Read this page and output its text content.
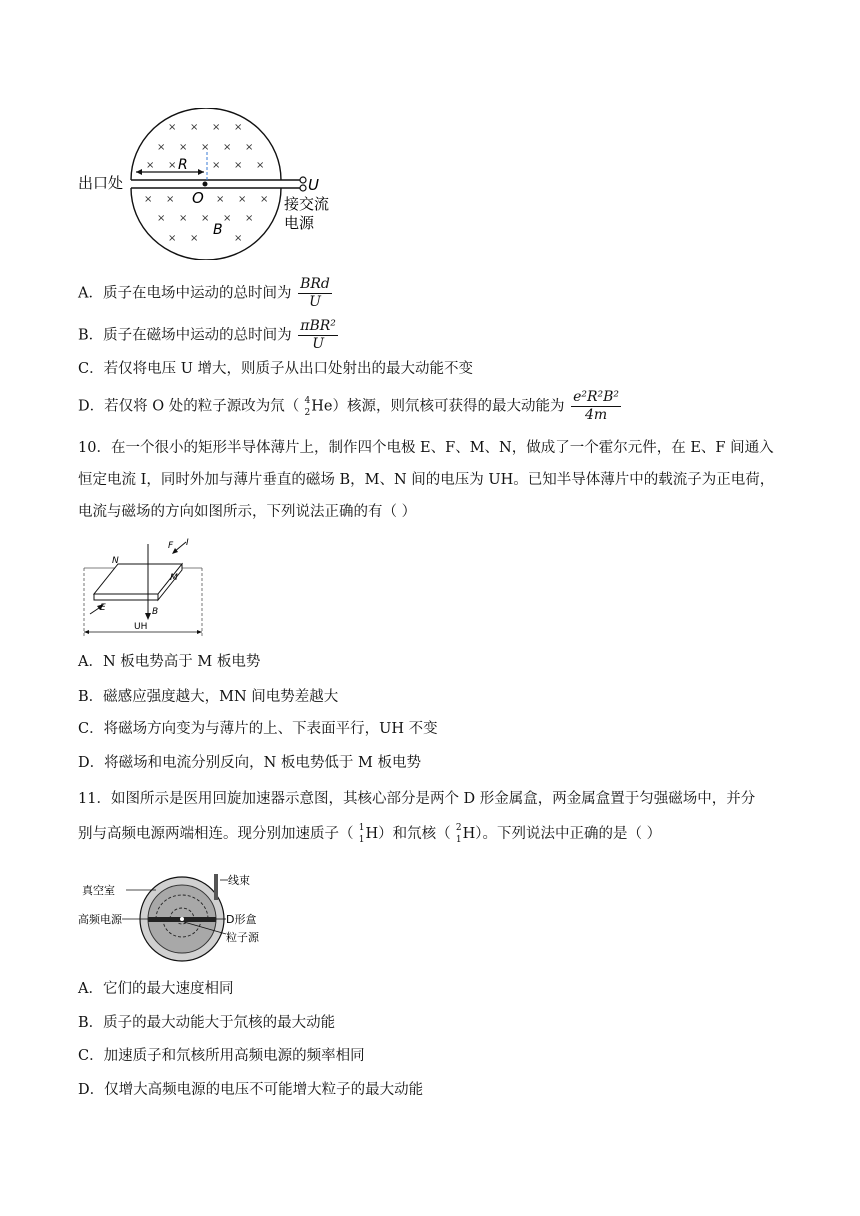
× × × ×
× × × × ×
× ×	× × ×
× ×	× × ×
× × × × ×
× ×	×
出口处
R
O
B
U
接交流
电源
A．质子在电场中运动的总时间为 $\frac{\text{BRd}}{U}$
B．质子在磁场中运动的总时间为 $\frac{\text{πBR²}}{U}$
C．若仅将电压 U 增大，则质子从出口处射出的最大动能不变
D．若仅将 O 处的粒子源改为氘（ 4
2 He）核源，则氘核可获得的最大动能为 $\frac{\text{e²R²B²}}{4m}$
10．在一个很小的矩形半导体薄片上，制作四个电极 E、F、M、N，做成了一个霍尔元件，在 E、F 间通入
恒定电流 I，同时外加与薄片垂直的磁场 B，M、N 间的电压为 UH。已知半导体薄片中的载流子为正电荷，
电流与磁场的方向如图所示，下列说法正确的有（ ）
N
M
F I
E	B
UH
A．N 板电势高于 M 板电势
B．磁感应强度越大，MN 间电势差越大
C．将磁场方向变为与薄片的上、下表面平行，UH 不变
D．将磁场和电流分别反向，N 板电势低于 M 板电势
11．如图所示是医用回旋加速器示意图，其核心部分是两个 D 形金属盒，两金属盒置于匀强磁场中，并分
别与高频电源两端相连。现分别加速质子（ 1
1 H）和氘核（ 2
1 H）。下列说法中正确的是（ ）
真空室
线束
高频电源	D形盒
粒子源
A．它们的最大速度相同
B．质子的最大动能大于氘核的最大动能
C．加速质子和氘核所用高频电源的频率相同
D．仅增大高频电源的电压不可能增大粒子的最大动能
